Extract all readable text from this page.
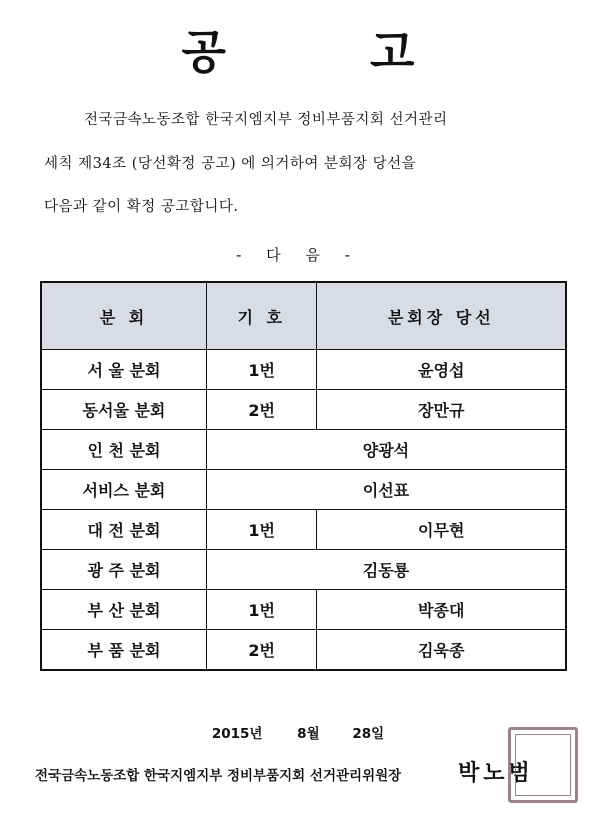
공 고
전국금속노동조합 한국지엠지부 정비부품지회 선거관리
세칙 제34조 (당선확정 공고) 에 의거하여 분회장 당선을
다음과 같이 확정 공고합니다.
- 다 음 -
분 회	기 호	분회장 당선
서 울 분회	1번	윤영섭
동서울 분회	2번	장만규
인 천 분회	양광석	
서비스 분회	이선표	
대 전 분회	1번	이무현
광 주 분회	김동룡	
부 산 분회	1번	박종대
부 품 분회	2번	김욱종
2015년	8월 28일
전국금속노동조합 한국지엠지부 정비부품지회 선거관리위원장	박노범
